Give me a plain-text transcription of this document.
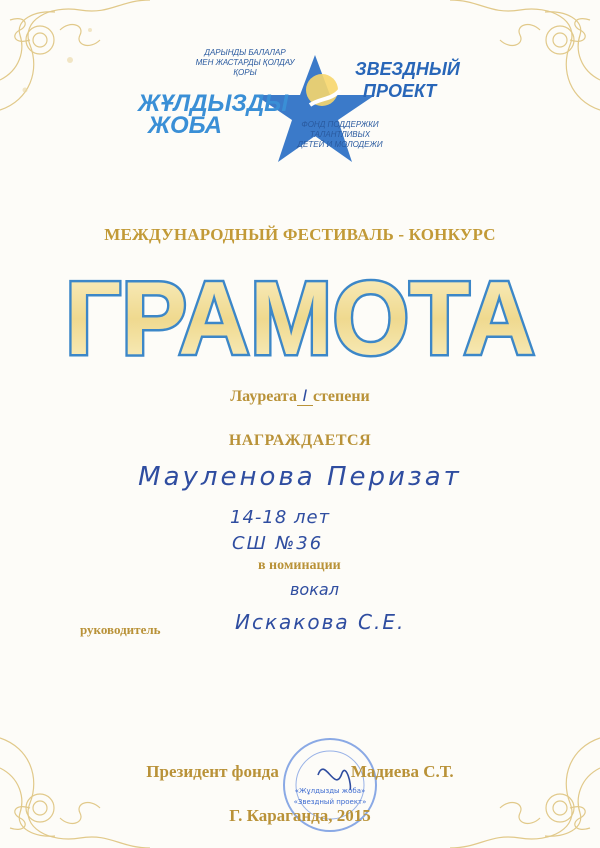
ДАРЫНДЫ БАЛАЛАР
МЕН ЖАСТАРДЫ ҚОЛДАУ
ҚОРЫ
ЖҰЛДЫЗДЫ
ЖОБА
ЗВЕЗДНЫЙ
ПРОЕКТ
ФОНД ПОДДЕРЖКИ
ТАЛАНТЛИВЫХ
ДЕТЕЙ И МОЛОДЕЖИ
МЕЖДУНАРОДНЫЙ ФЕСТИВАЛЬ - КОНКУРС
ГРАМОТА
Лауреата I степени
НАГРАЖДАЕТСЯ
Мауленова Перизат
14-18 лет
СШ №36
в номинации
вокал
руководитель	Искакова С.Е.
«Жұлдызды жоба»
«Звездный проект»
Президент фонда	Мадиева С.Т.
Г. Караганда, 2015
